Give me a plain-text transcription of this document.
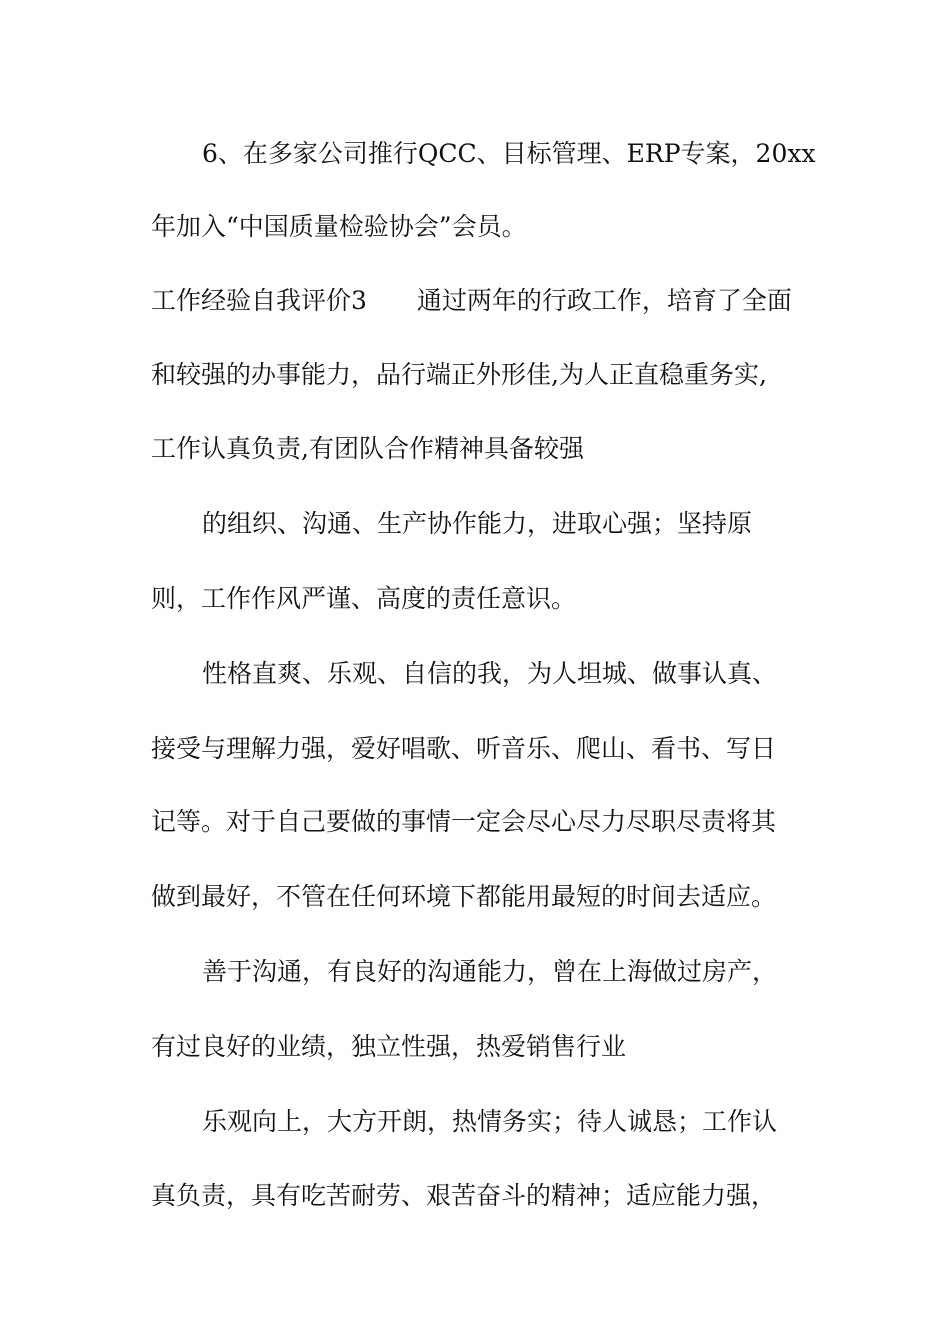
6、在多家公司推行QCC、目标管理、ERP专案，20xx
年加入“中国质量检验协会”会员。
工作经验自我评价3　　通过两年的行政工作，培育了全面
和较强的办事能力，品行端正外形佳,为人正直稳重务实,
工作认真负责,有团队合作精神具备较强
的组织、沟通、生产协作能力，进取心强；坚持原
则，工作作风严谨、高度的责任意识。
性格直爽、乐观、自信的我，为人坦城、做事认真、
接受与理解力强，爱好唱歌、听音乐、爬山、看书、写日
记等。对于自己要做的事情一定会尽心尽力尽职尽责将其
做到最好，不管在任何环境下都能用最短的时间去适应。
善于沟通，有良好的沟通能力，曾在上海做过房产，
有过良好的业绩，独立性强，热爱销售行业
乐观向上，大方开朗，热情务实；待人诚恳；工作认
真负责，具有吃苦耐劳、艰苦奋斗的精神；适应能力强，
